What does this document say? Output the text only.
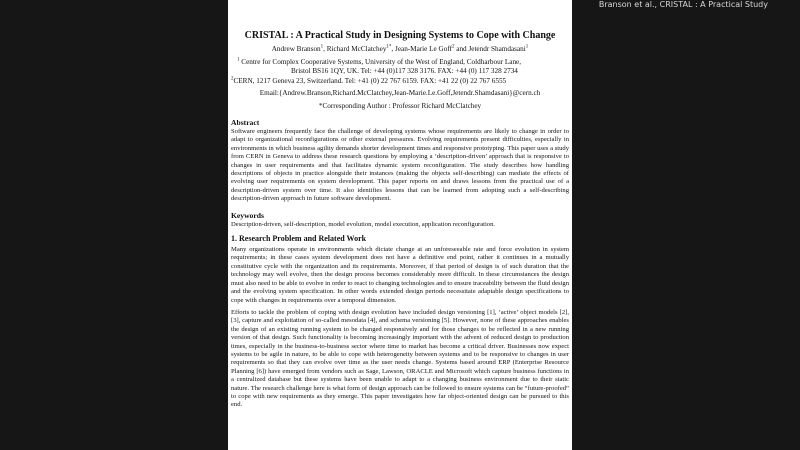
Branson et al., CRISTAL : A Practical Study
CRISTAL : A Practical Study in Designing Systems to Cope with Change
Andrew Branson$^1$, Richard McClatchey$^{1*}$, Jean-Marie Le Goff$^2$ and Jetendr Shamdasani$^1$
$^1$ Centre for Complex Cooperative Systems, University of the West of England, Coldharbour Lane,
Bristol BS16 1QY, UK. Tel: +44 (0)117 328 3176. FAX: +44 (0) 117 328 2734
$^2$CERN, 1217 Geneva 23, Switzerland. Tel: +41 (0) 22 767 6159. FAX: +41 22 (0) 22 767 6555
Email:{Andrew.Branson,Richard.McClatchey,Jean-Marie.Le.Goff,Jetendr.Shamdasani}@cern.ch
*Corresponding Author : Professor Richard McClatchey
Abstract

Software engineers frequently face the challenge of developing systems whose requirements are likely to change in order to adapt to organizational reconfigurations or other external pressures. Evolving requirements present difficulties, especially in environments in which business agility demands shorter development times and responsive prototyping. This paper uses a study from CERN in Geneva to address these research questions by employing a ‘description-driven’ approach that is responsive to changes in user requirements and that facilitates dynamic system reconfiguration. The study describes how handling descriptions of objects in practice alongside their instances (making the objects self-describing) can mediate the effects of evolving user requirements on system development. This paper reports on and draws lessons from the practical use of a description-driven system over time. It also identifies lessons that can be learned from adopting such a self-describing description-driven approach in future software development.

Keywords

Description-driven, self-description, model evolution, model execution, application reconfiguration.

1. Research Problem and Related Work

Many organizations operate in environments which dictate change at an unforeseeable rate and force evolution in system requirements; in these cases system development does not have a definitive end point, rather it continues in a mutually constitutive cycle with the organization and its requirements. Moreover, if that period of design is of such duration that the technology may well evolve, then the design process becomes considerably more difficult. In these circumstances the design must also need to be able to evolve in order to react to changing technologies and to ensure traceability between the fluid design and the evolving system specification. In other words extended design periods necessitate adaptable design specifications to cope with changes in requirements over a temporal dimension.

Efforts to tackle the problem of coping with design evolution have included design versioning [1], ‘active’ object models [2],[3], capture and exploitation of so-called mesodata [4], and schema versioning [5]. However, none of these approaches enables the design of an existing running system to be changed responsively and for those changes to be reflected in a new running version of that design. Such functionality is becoming increasingly important with the advent of reduced design to production times, especially in the business-to-business sector where time to market has become a critical driver. Businesses now expect systems to be agile in nature, to be able to cope with heterogeneity between systems and to be responsive to changes in user requirements so that they can evolve over time as the user needs change. Systems based around ERP (Enterprise Resource Planning [6]) have emerged from vendors such as Sage, Lawson, ORACLE and Microsoft which capture business functions in a centralized database but these systems have been unable to adapt to a changing business environment due to their static nature. The research challenge here is what form of design approach can be followed to ensure systems can be “future-proofed” to cope with new requirements as they emerge. This paper investigates how far object-oriented design can be pursued to this end.
